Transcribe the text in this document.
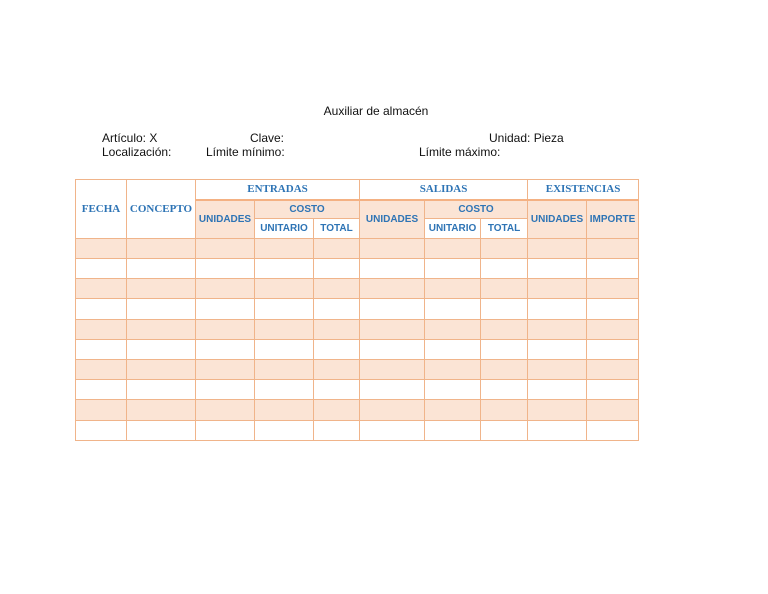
Auxiliar de almacén
Artículo: X	Clave:	Unidad: Pieza
Localización:	Límite mínimo:	Límite máximo:
FECHA	CONCEPTO	ENTRADAS			SALIDAS			EXISTENCIAS	
		UNIDADES	COSTO		UNIDADES	COSTO		UNIDADES	IMPORTE
			UNITARIO	TOTAL		UNITARIO	TOTAL		
